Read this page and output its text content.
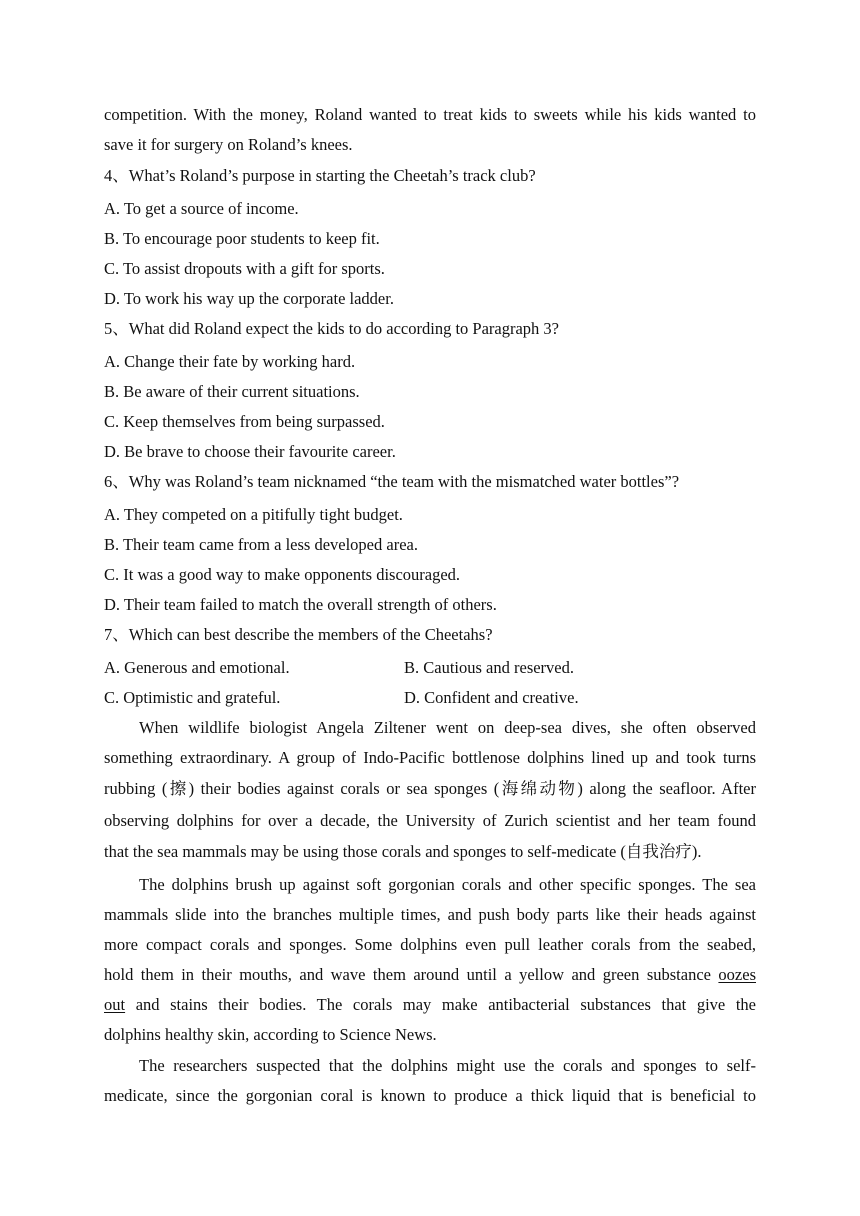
competition. With the money, Roland wanted to treat kids to sweets while his kids wanted to
save it for surgery on Roland’s knees.
4、What’s Roland’s purpose in starting the Cheetah’s track club?
A. To get a source of income.
B. To encourage poor students to keep fit.
C. To assist dropouts with a gift for sports.
D. To work his way up the corporate ladder.
5、What did Roland expect the kids to do according to Paragraph 3?
A. Change their fate by working hard.
B. Be aware of their current situations.
C. Keep themselves from being surpassed.
D. Be brave to choose their favourite career.
6、Why was Roland’s team nicknamed “the team with the mismatched water bottles”?
A. They competed on a pitifully tight budget.
B. Their team came from a less developed area.
C. It was a good way to make opponents discouraged.
D. Their team failed to match the overall strength of others.
7、Which can best describe the members of the Cheetahs?
A. Generous and emotional.	B. Cautious and reserved.
C. Optimistic and grateful.	D. Confident and creative.
When wildlife biologist Angela Ziltener went on deep-sea dives, she often observed
something extraordinary. A group of Indo-Pacific bottlenose dolphins lined up and took turns
rubbing (擦) their bodies against corals or sea sponges (海绵动物) along the seafloor. After
observing dolphins for over a decade, the University of Zurich scientist and her team found
that the sea mammals may be using those corals and sponges to self-medicate (自我治疗).
The dolphins brush up against soft gorgonian corals and other specific sponges. The sea
mammals slide into the branches multiple times, and push body parts like their heads against
more compact corals and sponges. Some dolphins even pull leather corals from the seabed,
hold them in their mouths, and wave them around until a yellow and green substance oozes
out and stains their bodies. The corals may make antibacterial substances that give the
dolphins healthy skin, according to Science News.
The researchers suspected that the dolphins might use the corals and sponges to self-
medicate, since the gorgonian coral is known to produce a thick liquid that is beneficial to
